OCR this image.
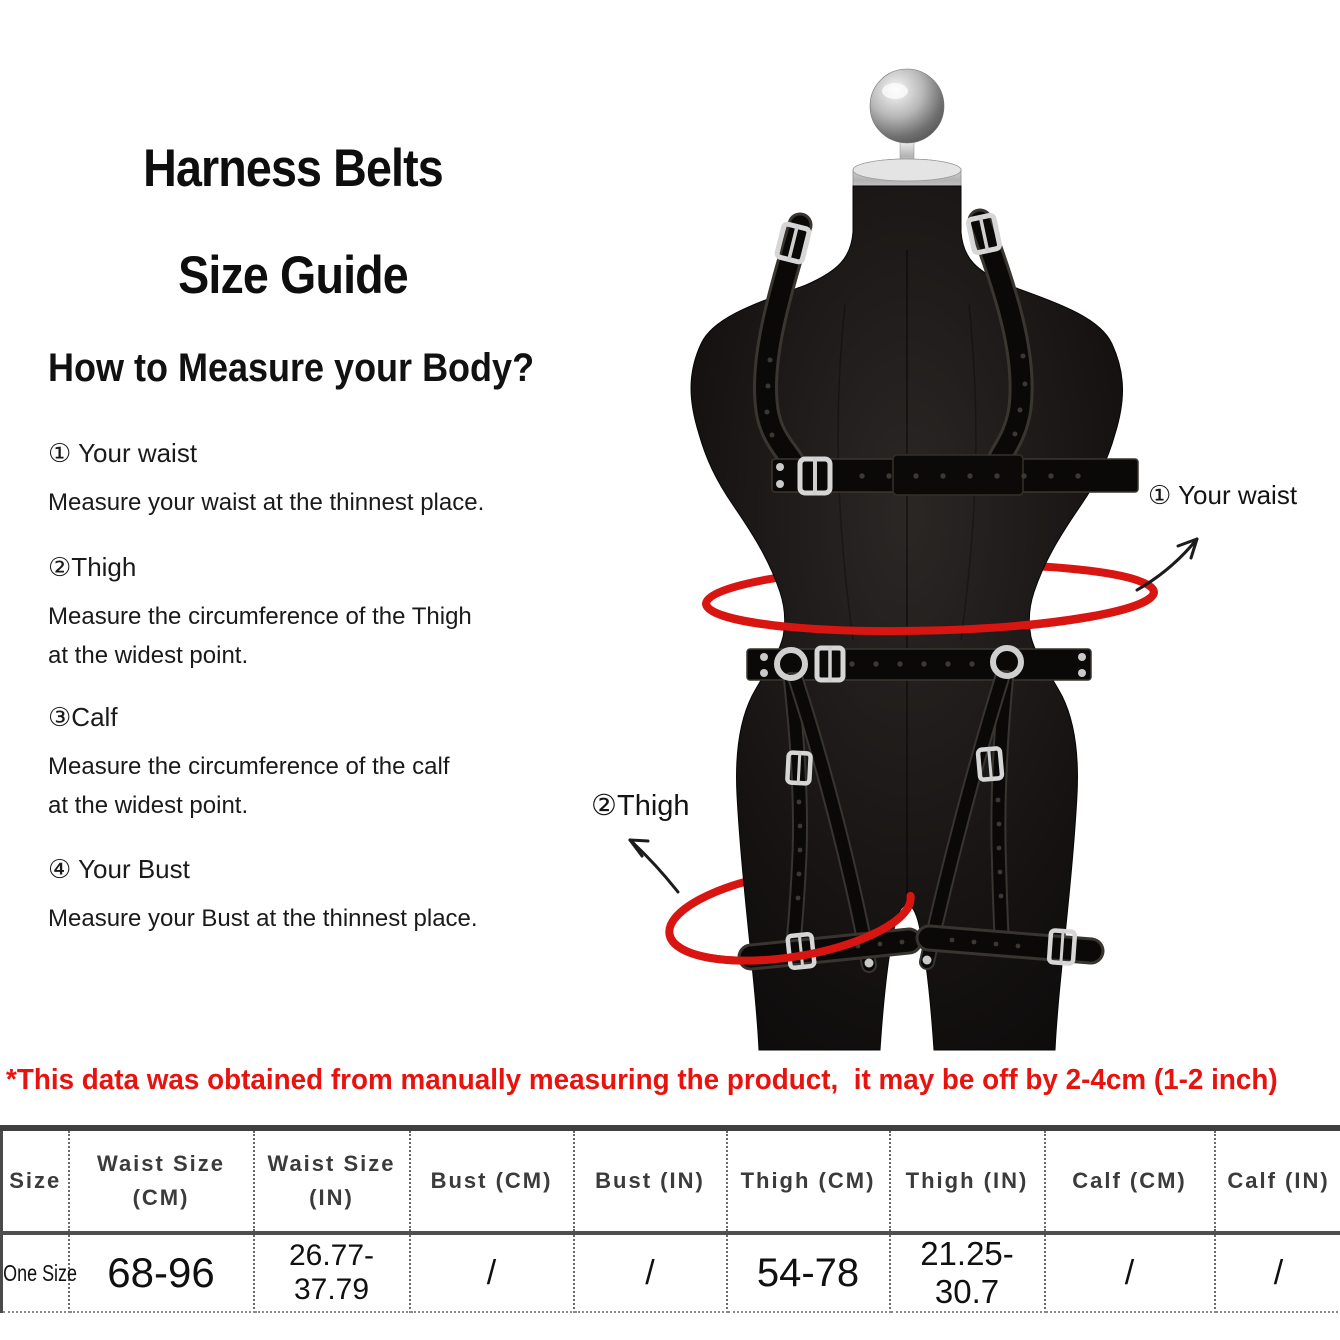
Harness Belts
Size Guide
How to Measure your Body?
① Your waist
Measure your waist at the thinnest place.
②Thigh
Measure the circumference of the Thigh
at the widest point.
③Calf
Measure the circumference of the calf
at the widest point.
④ Your Bust
Measure your Bust at the thinnest place.
① Your waist
②Thigh
*This data was obtained from manually measuring the product,  it may be off by 2-4cm (1-2 inch)
Size	Waist Size (CM)	Waist Size (IN)	Bust (CM)	Bust (IN)	Thigh (CM)	Thigh (IN)	Calf (CM)	Calf (IN)
One Size	68-96	26.77-37.79	/	/	54-78	21.25-30.7	/	/
